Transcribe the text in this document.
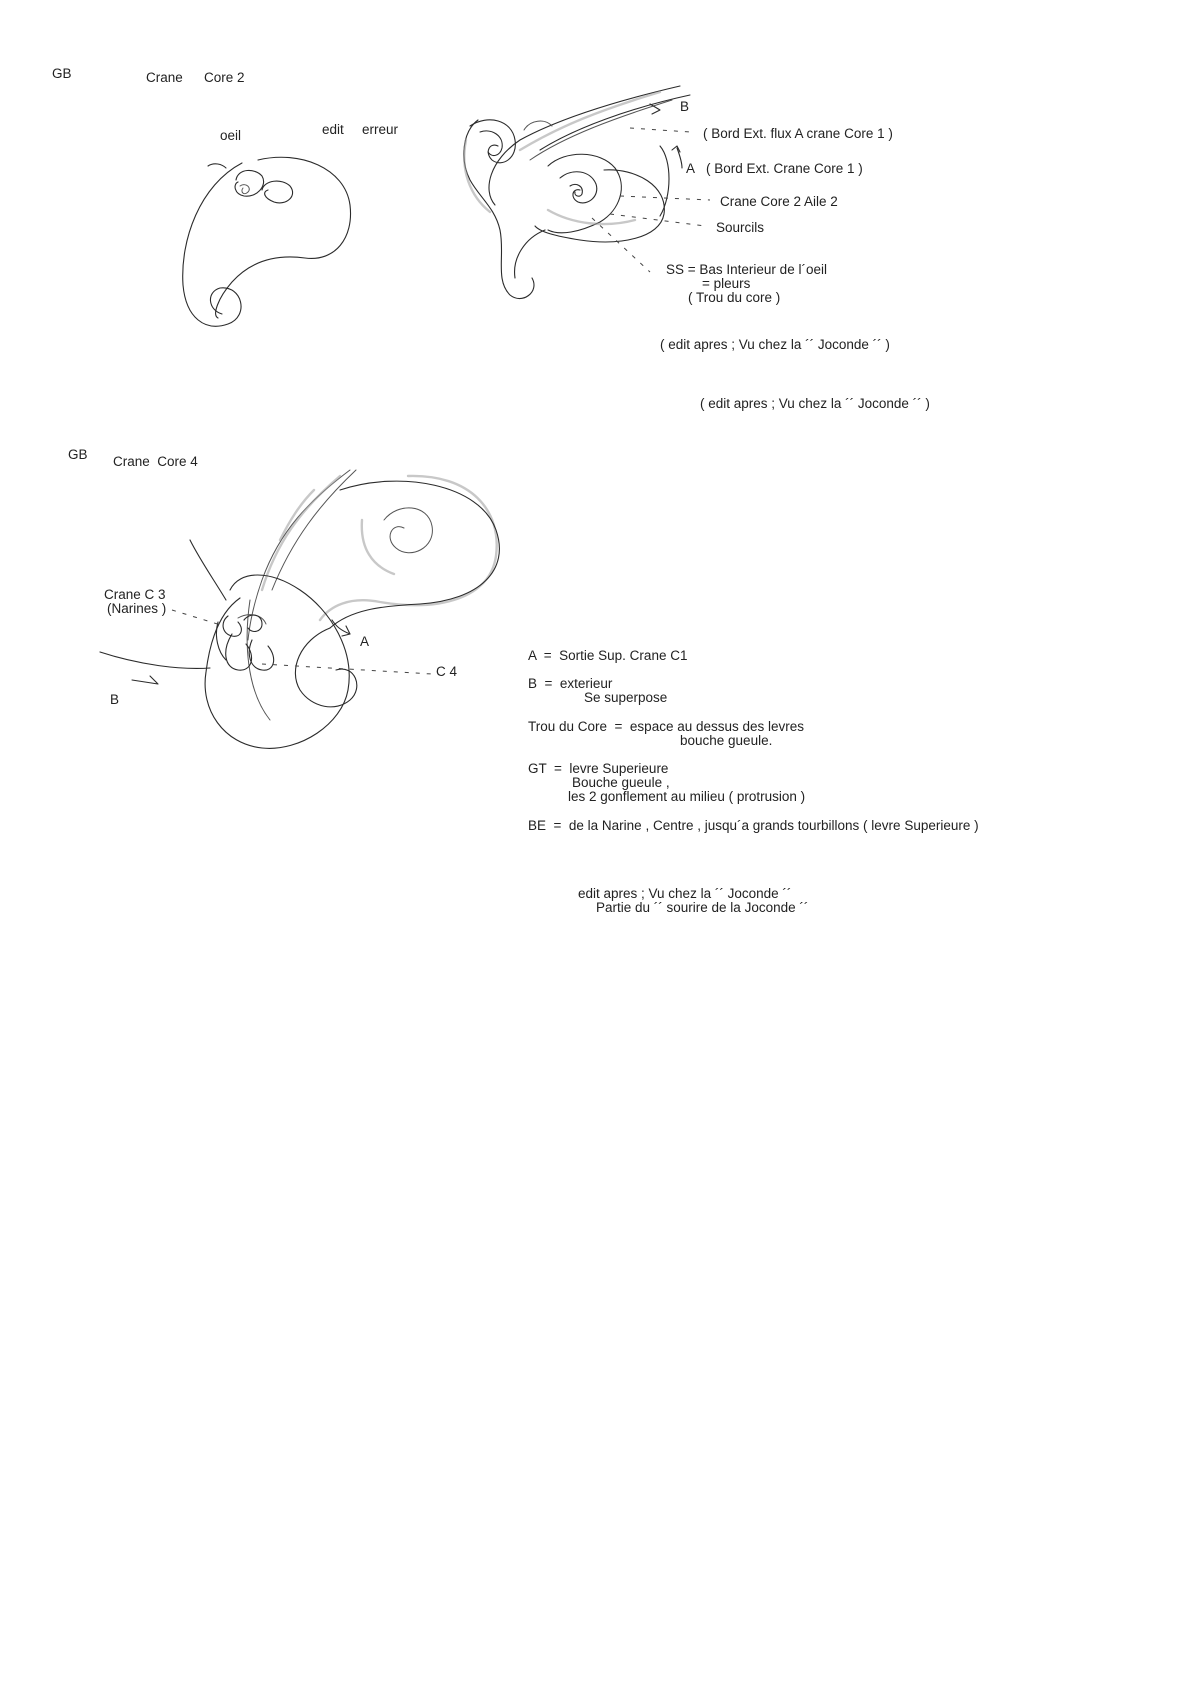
GB	Crane Core 2
oeil	edit erreur
B
( Bord Ext. flux A crane Core 1 )
A ( Bord Ext. Crane Core 1 )
Crane Core 2 Aile 2
Sourcils
SS = Bas Interieur de l´oeil
= pleurs
( Trou du core )
( edit apres ; Vu chez la ´´ Joconde ´´ )
( edit apres ; Vu chez la ´´ Joconde ´´ )
GB Crane  Core 4
Crane C 3
(Narines )
A
C 4
B
A  =  Sortie Sup. Crane C1
B  =  exterieur
Se superpose
Trou du Core  =  espace au dessus des levres
bouche gueule.
GT  =  levre Superieure
Bouche gueule ,
les 2 gonflement au milieu ( protrusion )
BE  =  de la Narine , Centre , jusqu´a grands tourbillons ( levre Superieure )
edit apres ; Vu chez la ´´ Joconde ´´
Partie du ´´ sourire de la Joconde ´´
